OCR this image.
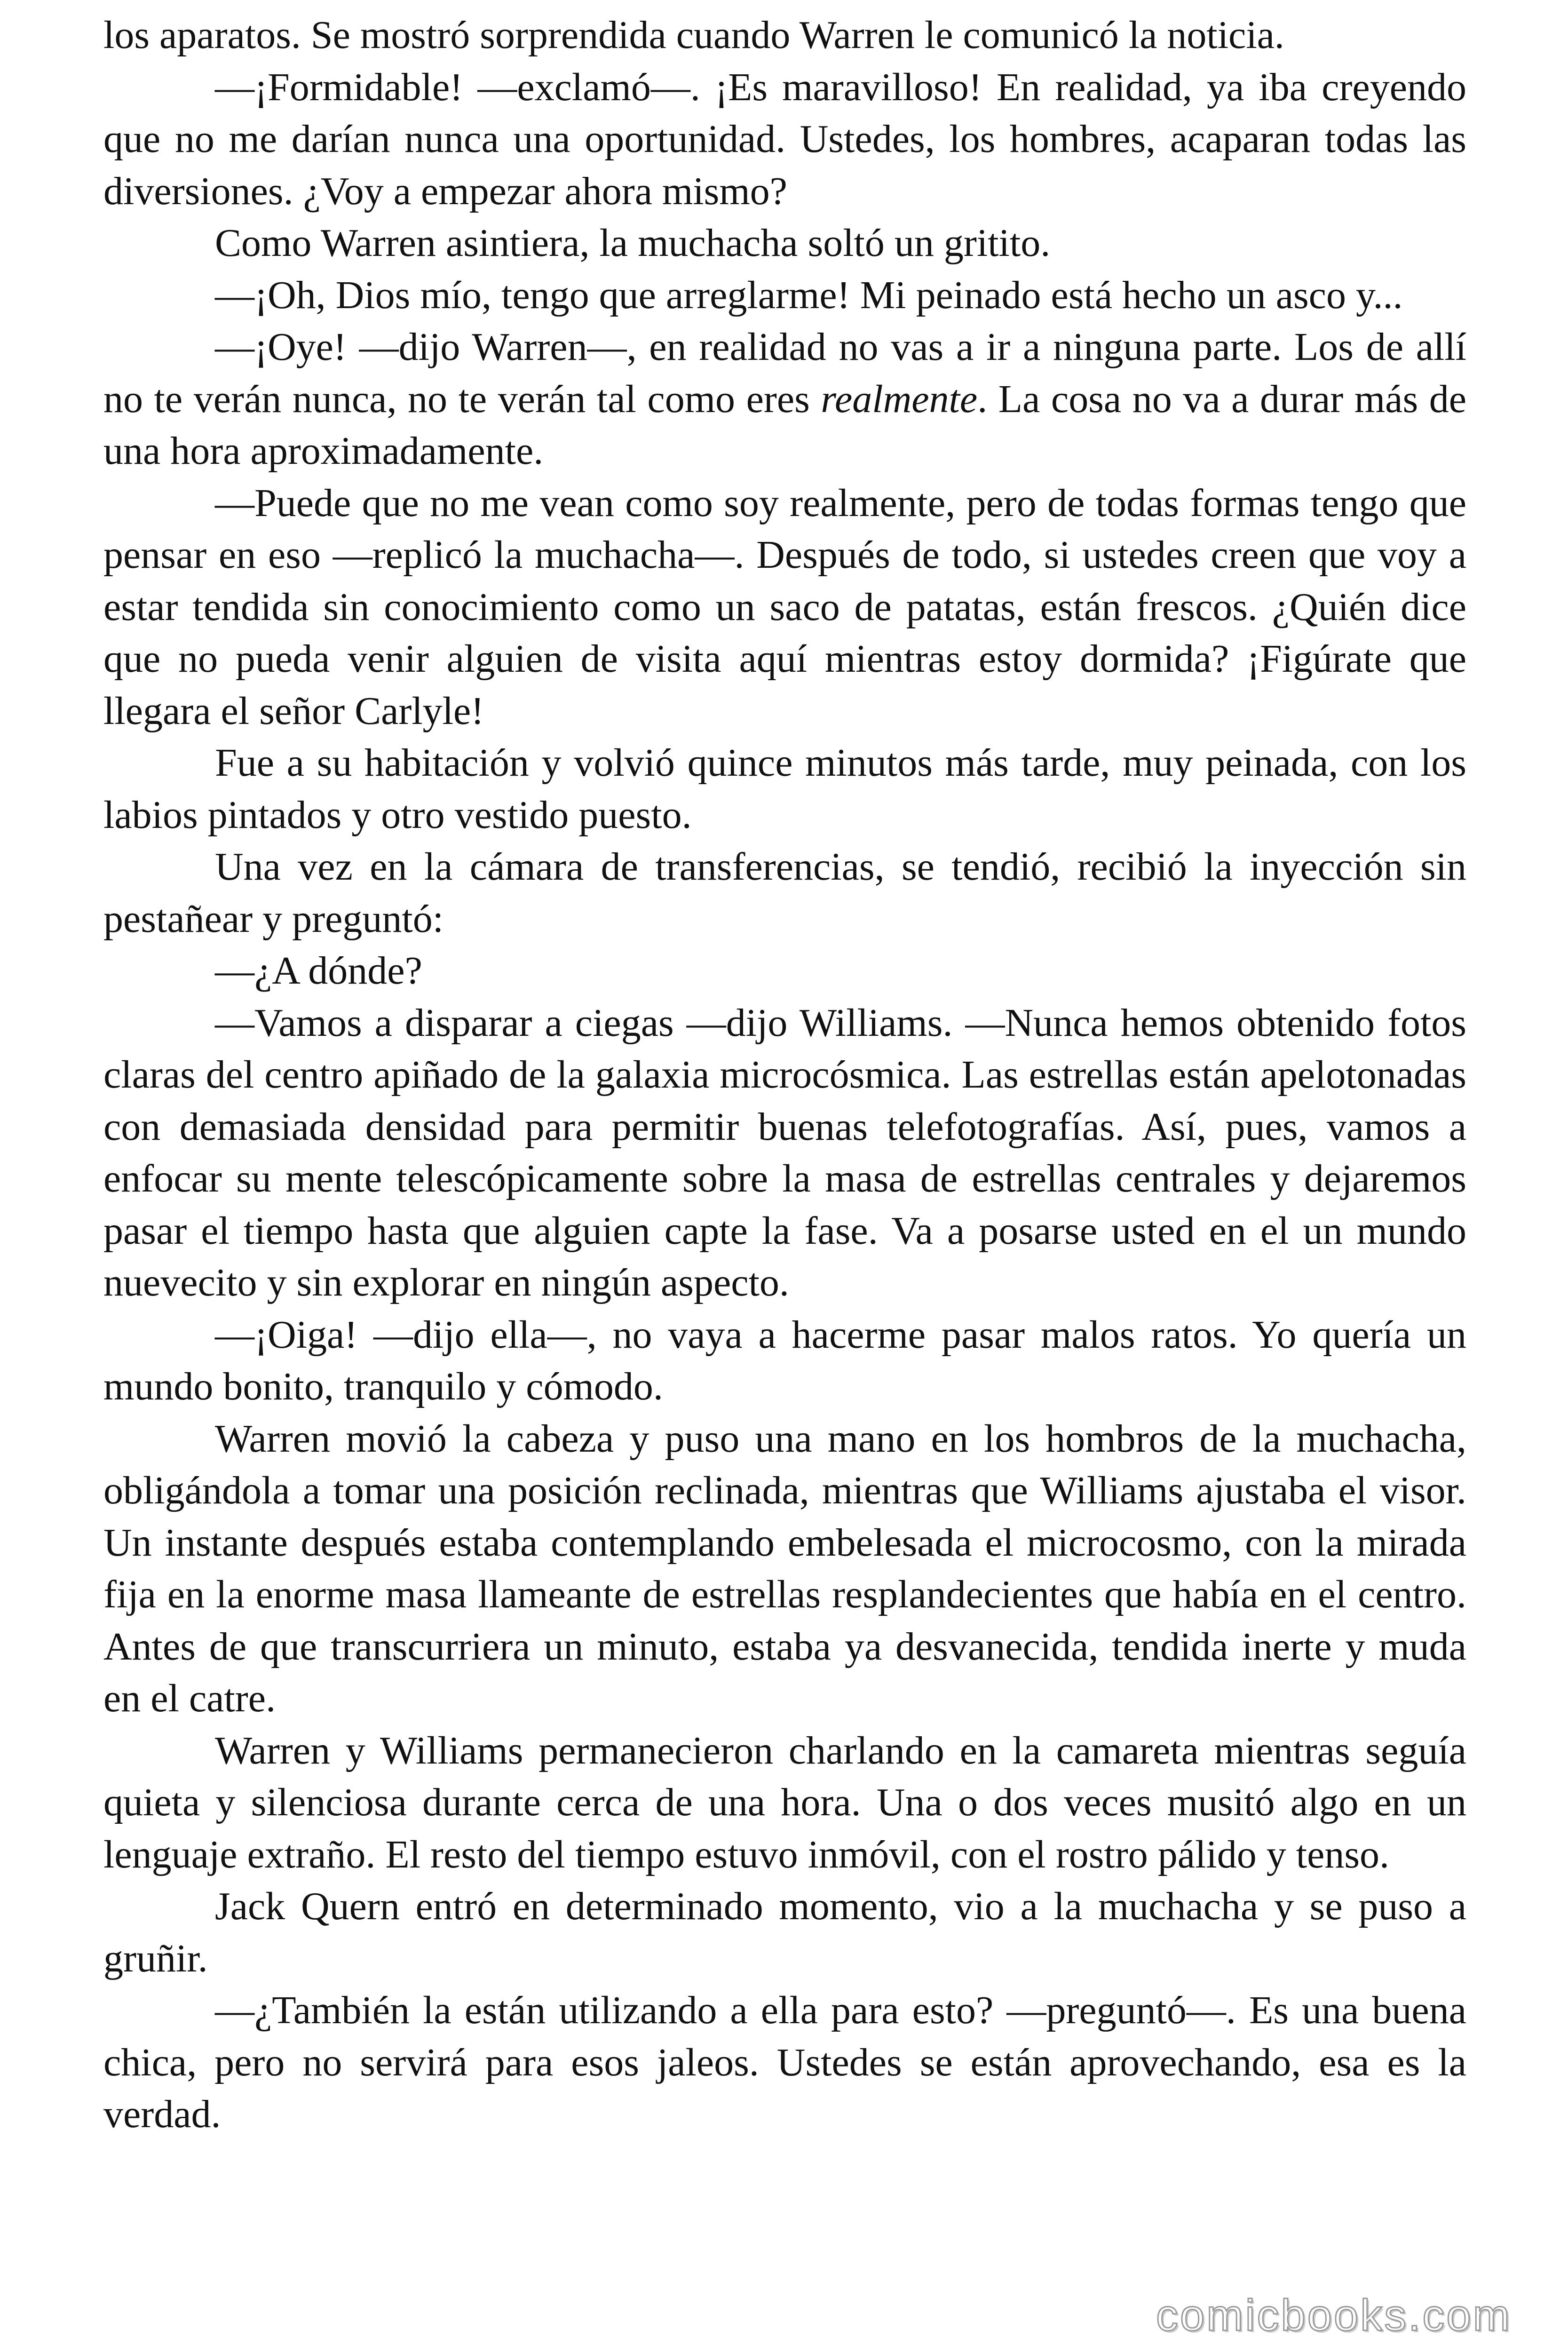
los aparatos. Se mostró sorprendida cuando Warren le comunicó la noticia.

—¡Formidable! —exclamó—. ¡Es maravilloso! En realidad, ya iba creyendo que no me darían nunca una oportunidad. Ustedes, los hombres, acaparan todas las diversiones. ¿Voy a empezar ahora mismo?

Como Warren asintiera, la muchacha soltó un gritito.

—¡Oh, Dios mío, tengo que arreglarme! Mi peinado está hecho un asco y...

—¡Oye! —dijo Warren—, en realidad no vas a ir a ninguna parte. Los de allí no te verán nunca, no te verán tal como eres realmente. La cosa no va a durar más de una hora aproximadamente.

—Puede que no me vean como soy realmente, pero de todas formas tengo que pensar en eso —replicó la muchacha—. Después de todo, si ustedes creen que voy a estar tendida sin conocimiento como un saco de patatas, están frescos. ¿Quién dice que no pueda venir alguien de visita aquí mientras estoy dormida? ¡Figúrate que llegara el señor Carlyle!

Fue a su habitación y volvió quince minutos más tarde, muy peinada, con los labios pintados y otro vestido puesto.

Una vez en la cámara de transferencias, se tendió, recibió la inyección sin pestañear y preguntó:

—¿A dónde?

—Vamos a disparar a ciegas —dijo Williams. —Nunca hemos obtenido fotos claras del centro apiñado de la galaxia microcósmica. Las estrellas están apelotonadas con demasiada densidad para permitir buenas telefotografías. Así, pues, vamos a enfocar su mente telescópicamente sobre la masa de estrellas centrales y dejaremos pasar el tiempo hasta que alguien capte la fase. Va a posarse usted en el un mundo nuevecito y sin explorar en ningún aspecto.

—¡Oiga! —dijo ella—, no vaya a hacerme pasar malos ratos. Yo quería un mundo bonito, tranquilo y cómodo.

Warren movió la cabeza y puso una mano en los hombros de la muchacha, obligándola a tomar una posición reclinada, mientras que Williams ajustaba el visor. Un instante después estaba contemplando embelesada el microcosmo, con la mirada fija en la enorme masa llameante de estrellas resplandecientes que había en el centro. Antes de que transcurriera un minuto, estaba ya desvanecida, tendida inerte y muda en el catre.

Warren y Williams permanecieron charlando en la camareta mientras seguía quieta y silenciosa durante cerca de una hora. Una o dos veces musitó algo en un lenguaje extraño. El resto del tiempo estuvo inmóvil, con el rostro pálido y tenso.

Jack Quern entró en determinado momento, vio a la muchacha y se puso a gruñir.

—¿También la están utilizando a ella para esto? —preguntó—. Es una buena chica, pero no servirá para esos jaleos. Ustedes se están aprovechando, esa es la verdad.

comicbooks.com
